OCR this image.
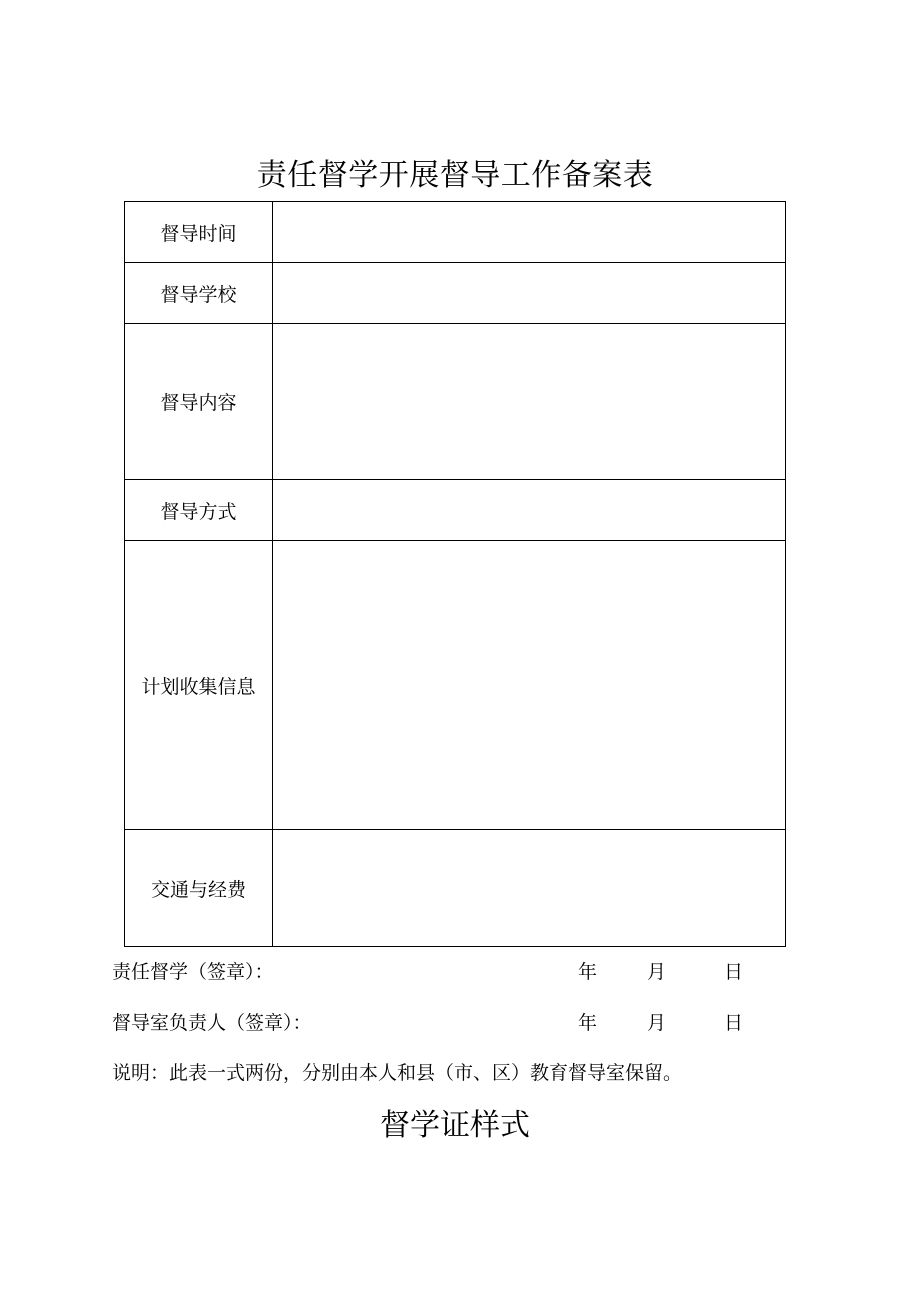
责任督学开展督导工作备案表
督导时间	
督导学校	
督导内容	
督导方式	
计划收集信息	
交通与经费	
责任督学（签章）：	年	月	日
督导室负责人（签章）：	年	月	日
说明：此表一式两份，分别由本人和县（市、区）教育督导室保留。
督学证样式
